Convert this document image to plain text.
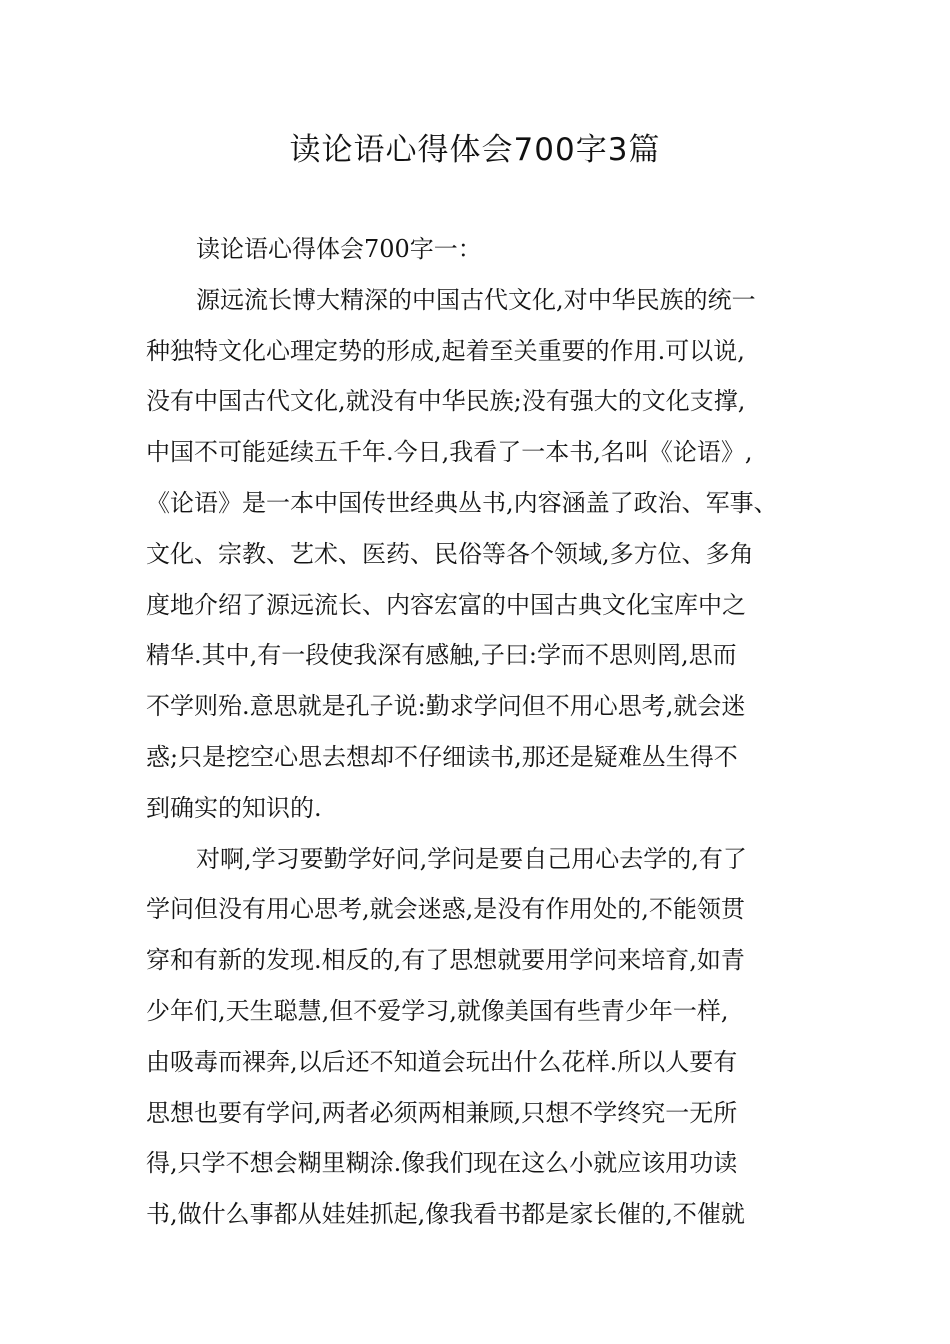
读论语心得体会700字3篇
读论语心得体会700字一：
源远流长博大精深的中国古代文化,对中华民族的统一
种独特文化心理定势的形成,起着至关重要的作用.可以说,
没有中国古代文化,就没有中华民族;没有强大的文化支撑,
中国不可能延续五千年.今日,我看了一本书,名叫《论语》,
《论语》是一本中国传世经典丛书,内容涵盖了政治、军事、
文化、宗教、艺术、医药、民俗等各个领域,多方位、多角
度地介绍了源远流长、内容宏富的中国古典文化宝库中之
精华.其中,有一段使我深有感触,子曰:学而不思则罔,思而
不学则殆.意思就是孔子说:勤求学问但不用心思考,就会迷
惑;只是挖空心思去想却不仔细读书,那还是疑难丛生得不
到确实的知识的.
对啊,学习要勤学好问,学问是要自己用心去学的,有了
学问但没有用心思考,就会迷惑,是没有作用处的,不能领贯
穿和有新的发现.相反的,有了思想就要用学问来培育,如青
少年们,天生聪慧,但不爱学习,就像美国有些青少年一样,
由吸毒而裸奔,以后还不知道会玩出什么花样.所以人要有
思想也要有学问,两者必须两相兼顾,只想不学终究一无所
得,只学不想会糊里糊涂.像我们现在这么小就应该用功读
书,做什么事都从娃娃抓起,像我看书都是家长催的,不催就
